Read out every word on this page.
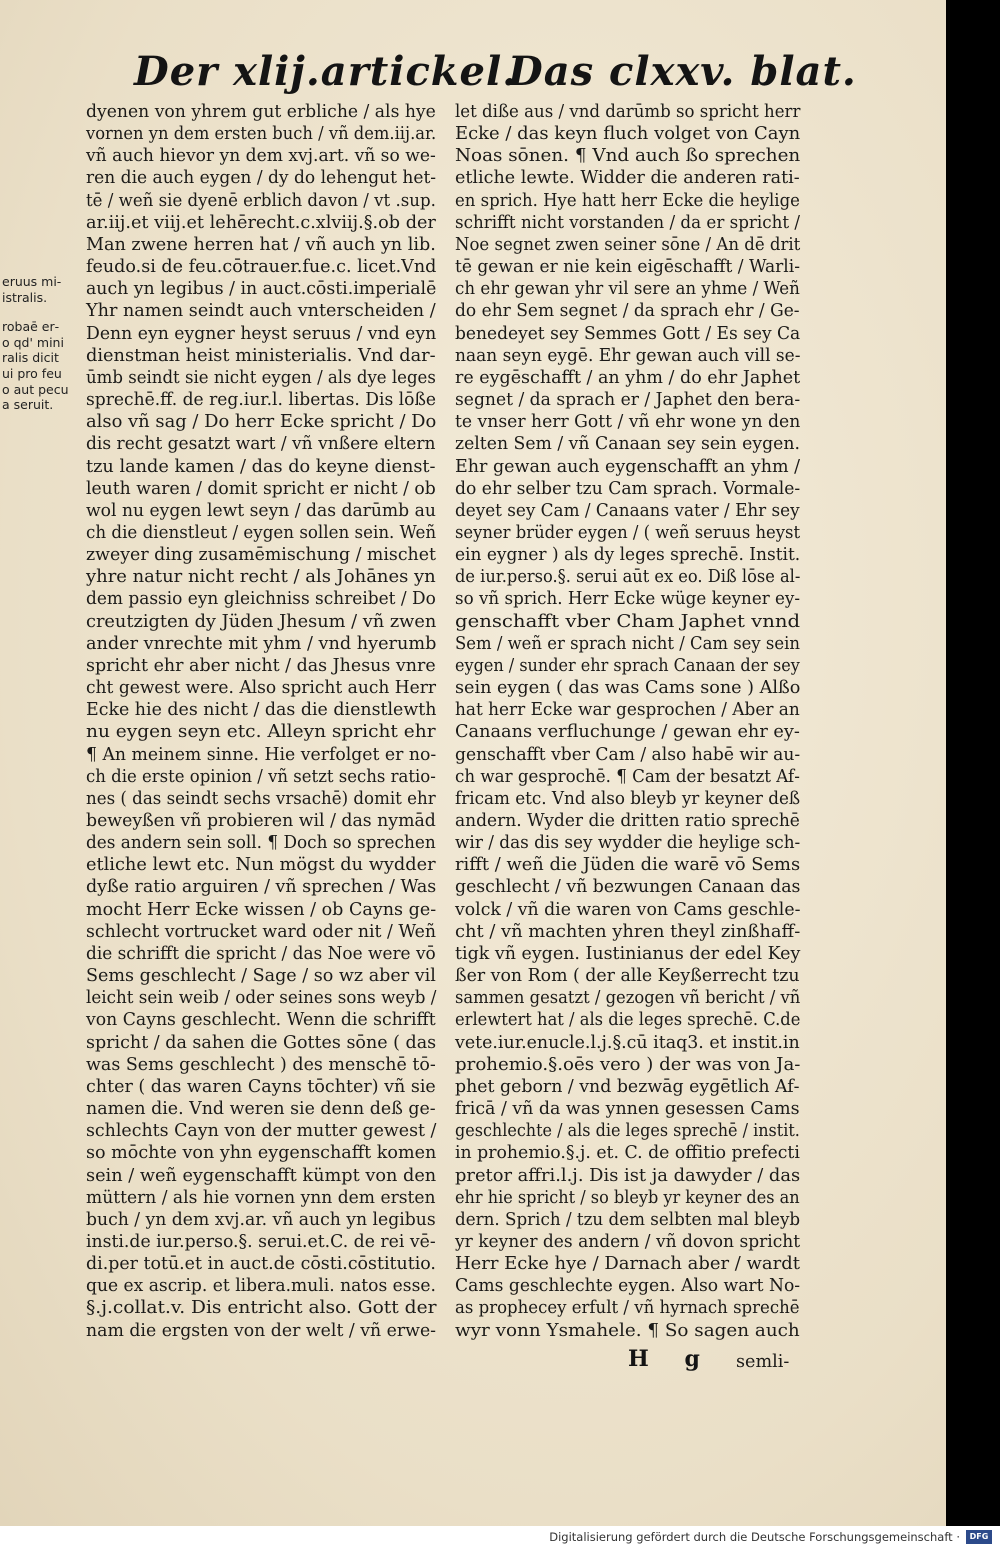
Der xlij.artickel.
Das clxxv. blat.
eruus mi‑
istralis.
robaē er‑
o qd' mini
ralis dicit
ui pro feu
o aut pecu
a seruit.
dyenen von yhrem gut erbliche / als hye
vornen yn dem ersten buch / vñ dem.iij.ar.
vñ auch hievor yn dem xvj.art. vñ so we‑
ren die auch eygen / dy do lehengut het‑
tē / weñ sie dyenē erblich davon / vt .sup.
ar.iij.et viij.et lehērecht.c.xlviij.§.ob der
Man zwene herren hat / vñ auch yn lib.
feudo.si de feu.cōtrauer.fue.c. licet.Vnd
auch yn legibus / in auct.cōsti.imperialē
Yhr namen seindt auch vnterscheiden /
Denn eyn eygner heyst seruus / vnd eyn
dienstman heist ministerialis. Vnd dar‑
ūmb seindt sie nicht eygen / als dye leges
sprechē.ff. de reg.iur.l. libertas. Dis lōße
also vñ sag / Do herr Ecke spricht / Do
dis recht gesatzt wart / vñ vnßere eltern
tzu lande kamen / das do keyne dienst‑
leuth waren / domit spricht er nicht / ob
wol nu eygen lewt seyn / das darūmb au
ch die dienstleut / eygen sollen sein. Weñ
zweyer ding zusamēmischung / mischet
yhre natur nicht recht / als Johānes yn
dem passio eyn gleichniss schreibet / Do
creutzigten dy Jüden Jhesum / vñ zwen
ander vnrechte mit yhm / vnd hyerumb
spricht ehr aber nicht / das Jhesus vnre
cht gewest were. Also spricht auch Herr
Ecke hie des nicht / das die dienstlewth
nu eygen seyn etc. Alleyn spricht ehr
¶ An meinem sinne. Hie verfolget er no‑
ch die erste opinion / vñ setzt sechs ratio‑
nes ( das seindt sechs vrsachē) domit ehr
beweyßen vñ probieren wil / das nymād
des andern sein soll. ¶ Doch so sprechen
etliche lewt etc. Nun mögst du wydder
dyße ratio arguiren / vñ sprechen / Was
mocht Herr Ecke wissen / ob Cayns ge‑
schlecht vortrucket ward oder nit / Weñ
die schrifft die spricht / das Noe were vō
Sems geschlecht / Sage / so wz aber vil
leicht sein weib / oder seines sons weyb /
von Cayns geschlecht. Wenn die schrifft
spricht / da sahen die Gottes sōne ( das
was Sems geschlecht ) des menschē tō‑
chter ( das waren Cayns tōchter) vñ sie
namen die. Vnd weren sie denn deß ge‑
schlechts Cayn von der mutter gewest /
so mōchte von yhn eygenschafft komen
sein / weñ eygenschafft kümpt von den
müttern / als hie vornen ynn dem ersten
buch / yn dem xvj.ar. vñ auch yn legibus
insti.de iur.perso.§. serui.et.C. de rei vē‑
di.per totū.et in auct.de cōsti.cōstitutio.
que ex ascrip. et libera.muli. natos esse.
§.j.collat.v. Dis entricht also. Gott der
nam die ergsten von der welt / vñ erwe‑
let diße aus / vnd darūmb so spricht herr
Ecke / das keyn fluch volget von Cayn
Noas sōnen. ¶ Vnd auch ßo sprechen
etliche lewte. Widder die anderen rati‑
en sprich. Hye hatt herr Ecke die heylige
schrifft nicht vorstanden / da er spricht /
Noe segnet zwen seiner sōne / An dē drit
tē gewan er nie kein eigēschafft / Warli‑
ch ehr gewan yhr vil sere an yhme / Weñ
do ehr Sem segnet / da sprach ehr / Ge‑
benedeyet sey Semmes Gott / Es sey Ca
naan seyn eygē. Ehr gewan auch vill se‑
re eygēschafft / an yhm / do ehr Japhet
segnet / da sprach er / Japhet den bera‑
te vnser herr Gott / vñ ehr wone yn den
zelten Sem / vñ Canaan sey sein eygen.
Ehr gewan auch eygenschafft an yhm /
do ehr selber tzu Cam sprach. Vormale‑
deyet sey Cam / Canaans vater / Ehr sey
seyner brüder eygen / ( weñ seruus heyst
ein eygner ) als dy leges sprechē. Instit.
de iur.perso.§. serui aūt ex eo. Diß lōse al‑
so vñ sprich. Herr Ecke wüge keyner ey‑
genschafft vber Cham Japhet vnnd
Sem / weñ er sprach nicht / Cam sey sein
eygen / sunder ehr sprach Canaan der sey
sein eygen ( das was Cams sone ) Alßo
hat herr Ecke war gesprochen / Aber an
Canaans verfluchunge / gewan ehr ey‑
genschafft vber Cam / also habē wir au‑
ch war gesprochē. ¶ Cam der besatzt Af‑
fricam etc. Vnd also bleyb yr keyner deß
andern. Wyder die dritten ratio sprechē
wir / das dis sey wydder die heylige sch‑
rifft / weñ die Jüden die warē vō Sems
geschlecht / vñ bezwungen Canaan das
volck / vñ die waren von Cams geschle‑
cht / vñ machten yhren theyl zinßhaff‑
tigk vñ eygen. Iustinianus der edel Key
ßer von Rom ( der alle Keyßerrecht tzu
sammen gesatzt / gezogen vñ bericht / vñ
erlewtert hat / als die leges sprechē. C.de
vete.iur.enucle.l.j.§.cū itaq3. et instit.in
prohemio.§.oēs vero ) der was von Ja‑
phet geborn / vnd bezwāg eygētlich Af‑
fricā / vñ da was ynnen gesessen Cams
geschlechte / als die leges sprechē / instit.
in prohemio.§.j. et. C. de offitio prefecti
pretor affri.l.j. Dis ist ja dawyder / das
ehr hie spricht / so bleyb yr keyner des an
dern. Sprich / tzu dem selbten mal bleyb
yr keyner des andern / vñ dovon spricht
Herr Ecke hye / Darnach aber / wardt
Cams geschlechte eygen. Also wart No‑
as prophecey erfult / vñ hyrnach sprechē
wyr vonn Ysmahele. ¶ So sagen auch
H g semli‑
Digitalisierung gefördert durch die Deutsche Forschungsgemeinschaft ·	DFG
